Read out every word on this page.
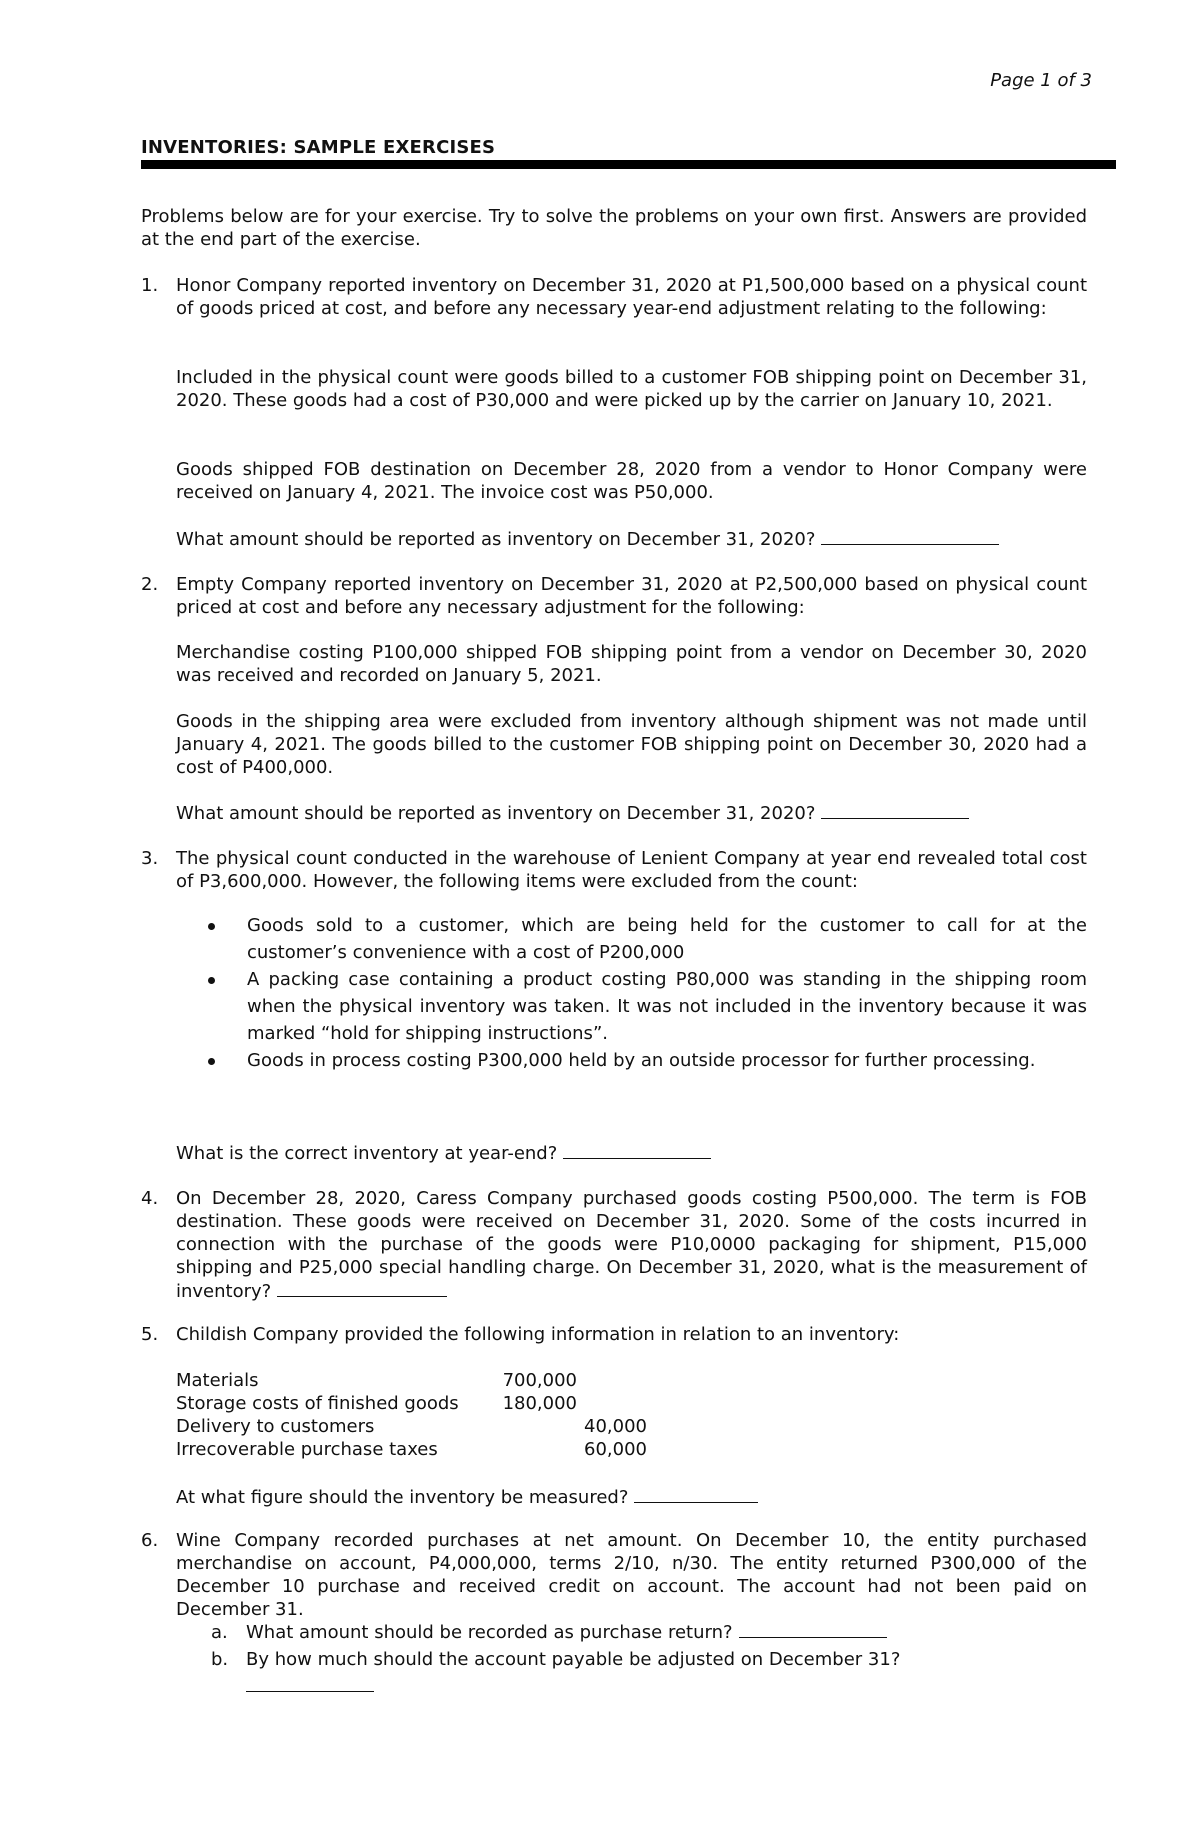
Page 1 of 3
INVENTORIES: SAMPLE EXERCISES
Problems below are for your exercise. Try to solve the problems on your own first. Answers are provided at the end part of the exercise.
1. Honor Company reported inventory on December 31, 2020 at P1,500,000 based on a physical count of goods priced at cost, and before any necessary year-end adjustment relating to the following:
Included in the physical count were goods billed to a customer FOB shipping point on December 31, 2020. These goods had a cost of P30,000 and were picked up by the carrier on January 10, 2021.
Goods shipped FOB destination on December 28, 2020 from a vendor to Honor Company were received on January 4, 2021. The invoice cost was P50,000.
What amount should be reported as inventory on December 31, 2020?
2. Empty Company reported inventory on December 31, 2020 at P2,500,000 based on physical count priced at cost and before any necessary adjustment for the following:
Merchandise costing P100,000 shipped FOB shipping point from a vendor on December 30, 2020 was received and recorded on January 5, 2021.
Goods in the shipping area were excluded from inventory although shipment was not made until January 4, 2021. The goods billed to the customer FOB shipping point on December 30, 2020 had a cost of P400,000.
What amount should be reported as inventory on December 31, 2020?
3. The physical count conducted in the warehouse of Lenient Company at year end revealed total cost of P3,600,000. However, the following items were excluded from the count:
Goods sold to a customer, which are being held for the customer to call for at the customer’s convenience with a cost of P200,000
A packing case containing a product costing P80,000 was standing in the shipping room when the physical inventory was taken. It was not included in the inventory because it was marked “hold for shipping instructions”.
Goods in process costing P300,000 held by an outside processor for further processing.
What is the correct inventory at year-end?
4. On December 28, 2020, Caress Company purchased goods costing P500,000. The term is FOB destination. These goods were received on December 31, 2020. Some of the costs incurred in connection with the purchase of the goods were P10,0000 packaging for shipment, P15,000 shipping and P25,000 special handling charge. On December 31, 2020, what is the measurement of inventory?
5. Childish Company provided the following information in relation to an inventory:
Materials	700,000	
Storage costs of finished goods	180,000	
Delivery to customers		40,000
Irrecoverable purchase taxes		60,000
At what figure should the inventory be measured?
6. Wine Company recorded purchases at net amount. On December 10, the entity purchased merchandise on account, P4,000,000, terms 2/10, n/30. The entity returned P300,000 of the December 10 purchase and received credit on account. The account had not been paid on December 31.
a. What amount should be recorded as purchase return?
b. By how much should the account payable be adjusted on December 31?
